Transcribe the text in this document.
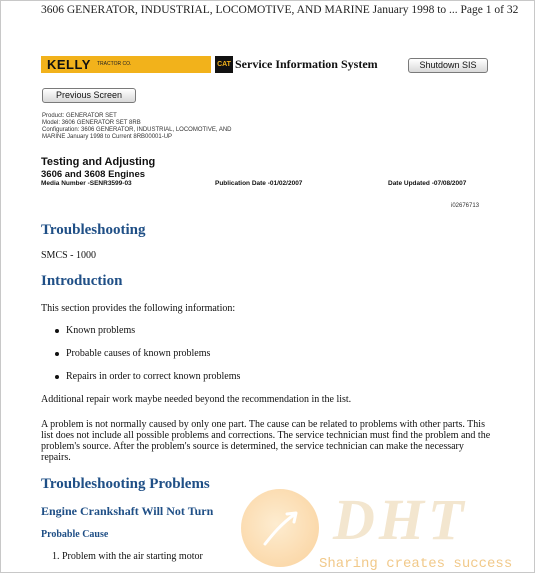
3606 GENERATOR, INDUSTRIAL, LOCOMOTIVE, AND MARINE January 1998 to ... Page 1 of 32
KELLY TRACTOR CO.	CAT Service Information System	Shutdown SIS
Previous Screen
Product: GENERATOR SET
Model: 3606 GENERATOR SET 8RB
Configuration: 3606 GENERATOR, INDUSTRIAL, LOCOMOTIVE, AND
MARINE January 1998 to Current 8RB00001-UP
Testing and Adjusting
3606 and 3608 Engines
Media Number -SENR3599-03	Publication Date -01/02/2007	Date Updated -07/08/2007
i02676713
Troubleshooting
SMCS - 1000
Introduction
This section provides the following information:
Known problems
Probable causes of known problems
Repairs in order to correct known problems
Additional repair work maybe needed beyond the recommendation in the list.
A problem is not normally caused by only one part. The cause can be related to problems with other parts. This list does not include all possible problems and corrections. The service technician must find the problem and the problem's source. After the problem's source is determined, the service technician can make the necessary repairs.
Troubleshooting Problems
Engine Crankshaft Will Not Turn
Probable Cause
1. Problem with the air starting motor
DHT
Sharing creates success
